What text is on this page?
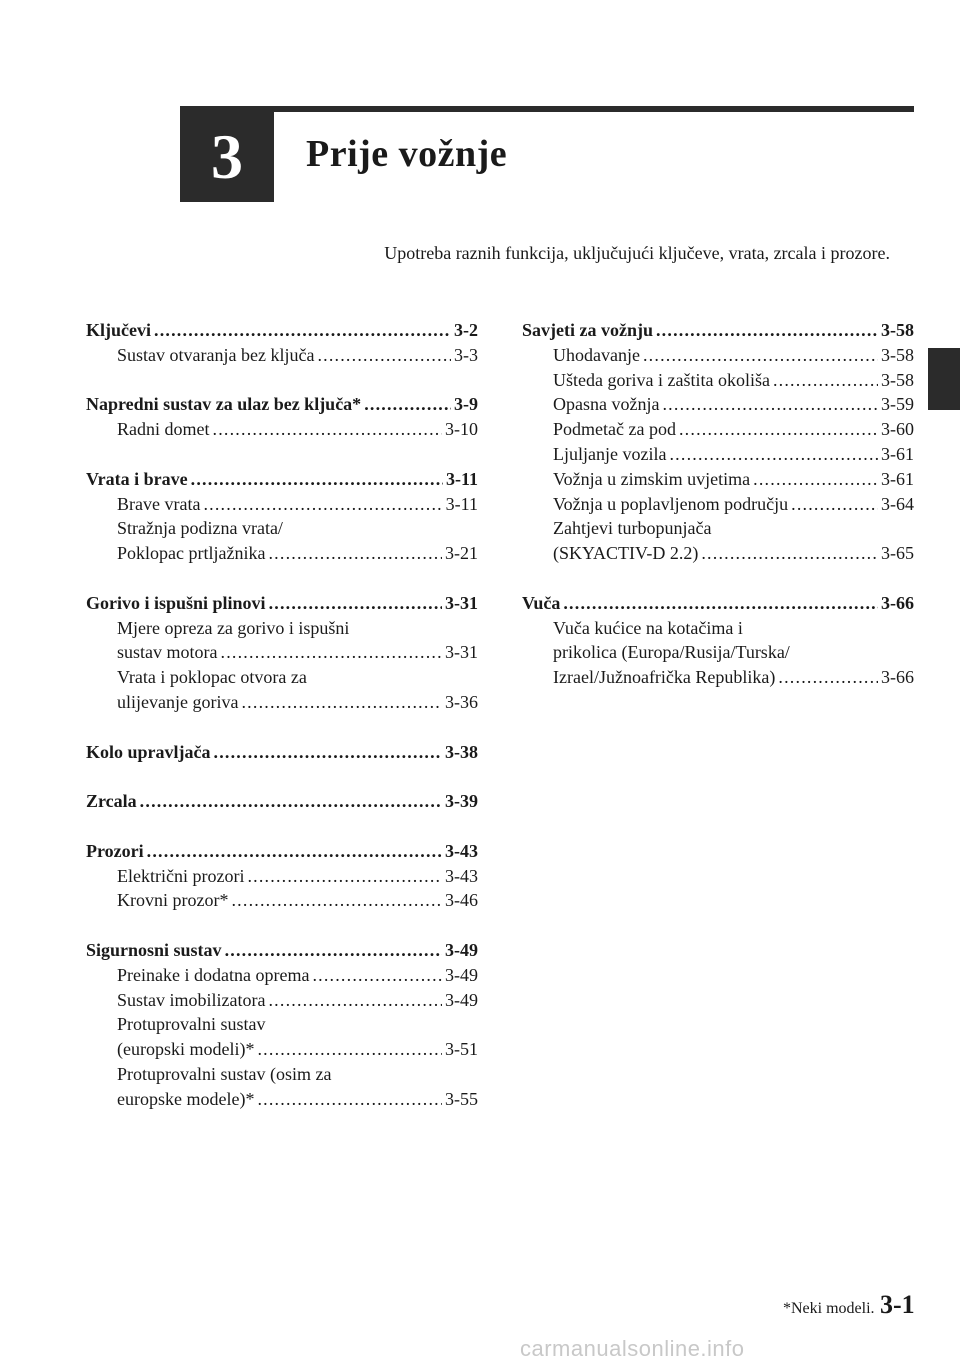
3 Prije vožnje
Upotreba raznih funkcija, uključujući ključeve, vrata, zrcala i prozore.
Ključevi .....	3-2
Sustav otvaranja bez ključa .....	3-3
Napredni sustav za ulaz bez ključa* .....	3-9
Radni domet .....	3-10
Vrata i brave .....	3-11
Brave vrata .....	3-11
Stražnja podizna vrata/
Poklopac prtljažnika .....	3-21
Gorivo i ispušni plinovi .....	3-31
Mjere opreza za gorivo i ispušni
sustav motora .....	3-31
Vrata i poklopac otvora za
ulijevanje goriva .....	3-36
Kolo upravljača .....	3-38
Zrcala .....	3-39
Prozori .....	3-43
Električni prozori .....	3-43
Krovni prozor* .....	3-46
Sigurnosni sustav .....	3-49
Preinake i dodatna oprema .....	3-49
Sustav imobilizatora .....	3-49
Protuprovalni sustav
(europski modeli)* .....	3-51
Protuprovalni sustav (osim za
europske modele)* .....	3-55
Savjeti za vožnju .....	3-58
Uhodavanje .....	3-58
Ušteda goriva i zaštita okoliša .....	3-58
Opasna vožnja .....	3-59
Podmetač za pod .....	3-60
Ljuljanje vozila .....	3-61
Vožnja u zimskim uvjetima .....	3-61
Vožnja u poplavljenom području .....	3-64
Zahtjevi turbopunjača
(SKYACTIV-D 2.2) .....	3-65
Vuča .....	3-66
Vuča kućice na kotačima i
prikolica (Europa/Rusija/Turska/
Izrael/Južnoafrička Republika) .....	3-66
*Neki modeli. 3-1
carmanualsonline.info
